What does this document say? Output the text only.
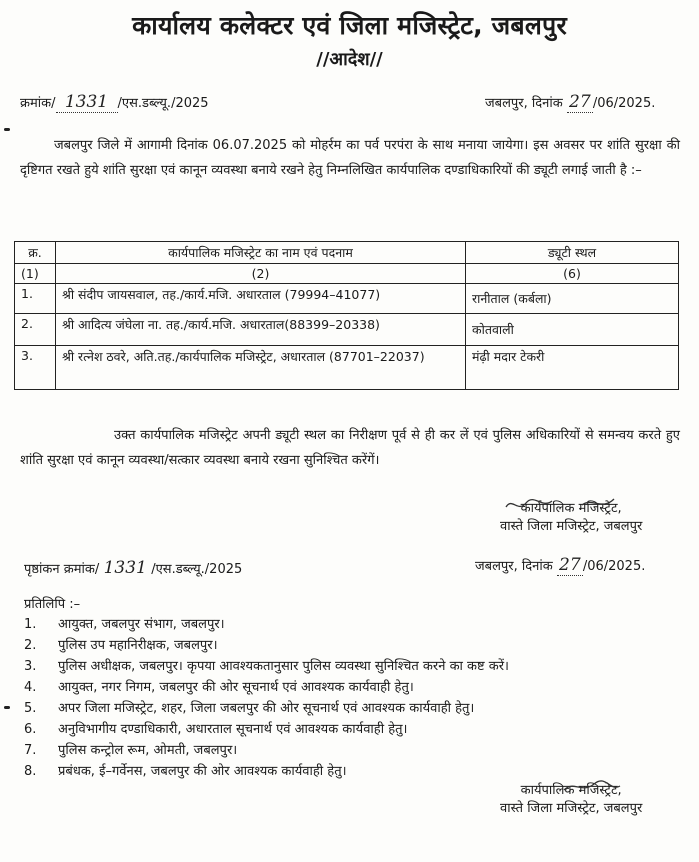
कार्यालय कलेक्टर एवं जिला मजिस्ट्रेट, जबलपुर
//आदेश//
क्रमांक/ 1331 /एस.डब्ल्यू./2025	जबलपुर, दिनांक 27 /06/2025.
जबलपुर जिले में आगामी दिनांक 06.07.2025 को मोहर्रम का पर्व परपंरा के साथ मनाया जायेगा। इस अवसर पर शांति सुरक्षा की दृष्टिगत रखते हुये शांति सुरक्षा एवं कानून व्यवस्था बनाये रखने हेतु निम्नलिखित कार्यपालिक दण्डाधिकारियों की ड्यूटी लगाई जाती है :–
क्र.	कार्यपालिक मजिस्ट्रेट का नाम एवं पदनाम	ड्यूटी स्थल
(1)	(2)	(6)
1.	श्री संदीप जायसवाल, तह./कार्य.मजि. अधारताल (79994–41077)	रानीताल (कर्बला)
2.	श्री आदित्य जंघेला ना. तह./कार्य.मजि. अधारताल(88399–20338)	कोतवाली
3.	श्री रत्नेश ठवरे, अति.तह./कार्यपालिक मजिस्ट्रेट, अधारताल (87701–22037)	मंढ़ी मदार टेकरी
उक्त कार्यपालिक मजिस्ट्रेट अपनी ड्यूटी स्थल का निरीक्षण पूर्व से ही कर लें एवं पुलिस अधिकारियों से समन्वय करते हुए शांति सुरक्षा एवं कानून व्यवस्था/सत्कार व्यवस्था बनाये रखना सुनिश्चित करेंगें।
कार्यपालिक मजिस्ट्रेट,
वास्ते जिला मजिस्ट्रेट, जबलपुर
पृष्ठांकन क्रमांक/ 1331 /एस.डब्ल्यू./2025	जबलपुर, दिनांक 27 /06/2025.
प्रतिलिपि :–
1. आयुक्त, जबलपुर संभाग, जबलपुर।
2. पुलिस उप महानिरीक्षक, जबलपुर।
3. पुलिस अधीक्षक, जबलपुर। कृपया आवश्यकतानुसार पुलिस व्यवस्था सुनिश्चित करने का कष्ट करें।
4. आयुक्त, नगर निगम, जबलपुर की ओर सूचनार्थ एवं आवश्यक कार्यवाही हेतु।
5. अपर जिला मजिस्ट्रेट, शहर, जिला जबलपुर की ओर सूचनार्थ एवं आवश्यक कार्यवाही हेतु।
6. अनुविभागीय दण्डाधिकारी, अधारताल सूचनार्थ एवं आवश्यक कार्यवाही हेतु।
7. पुलिस कन्ट्रोल रूम, ओमती, जबलपुर।
8. प्रबंधक, ई–गर्वेनस, जबलपुर की ओर आवश्यक कार्यवाही हेतु।
कार्यपालिक मजिस्ट्रेट,
वास्ते जिला मजिस्ट्रेट, जबलपुर
